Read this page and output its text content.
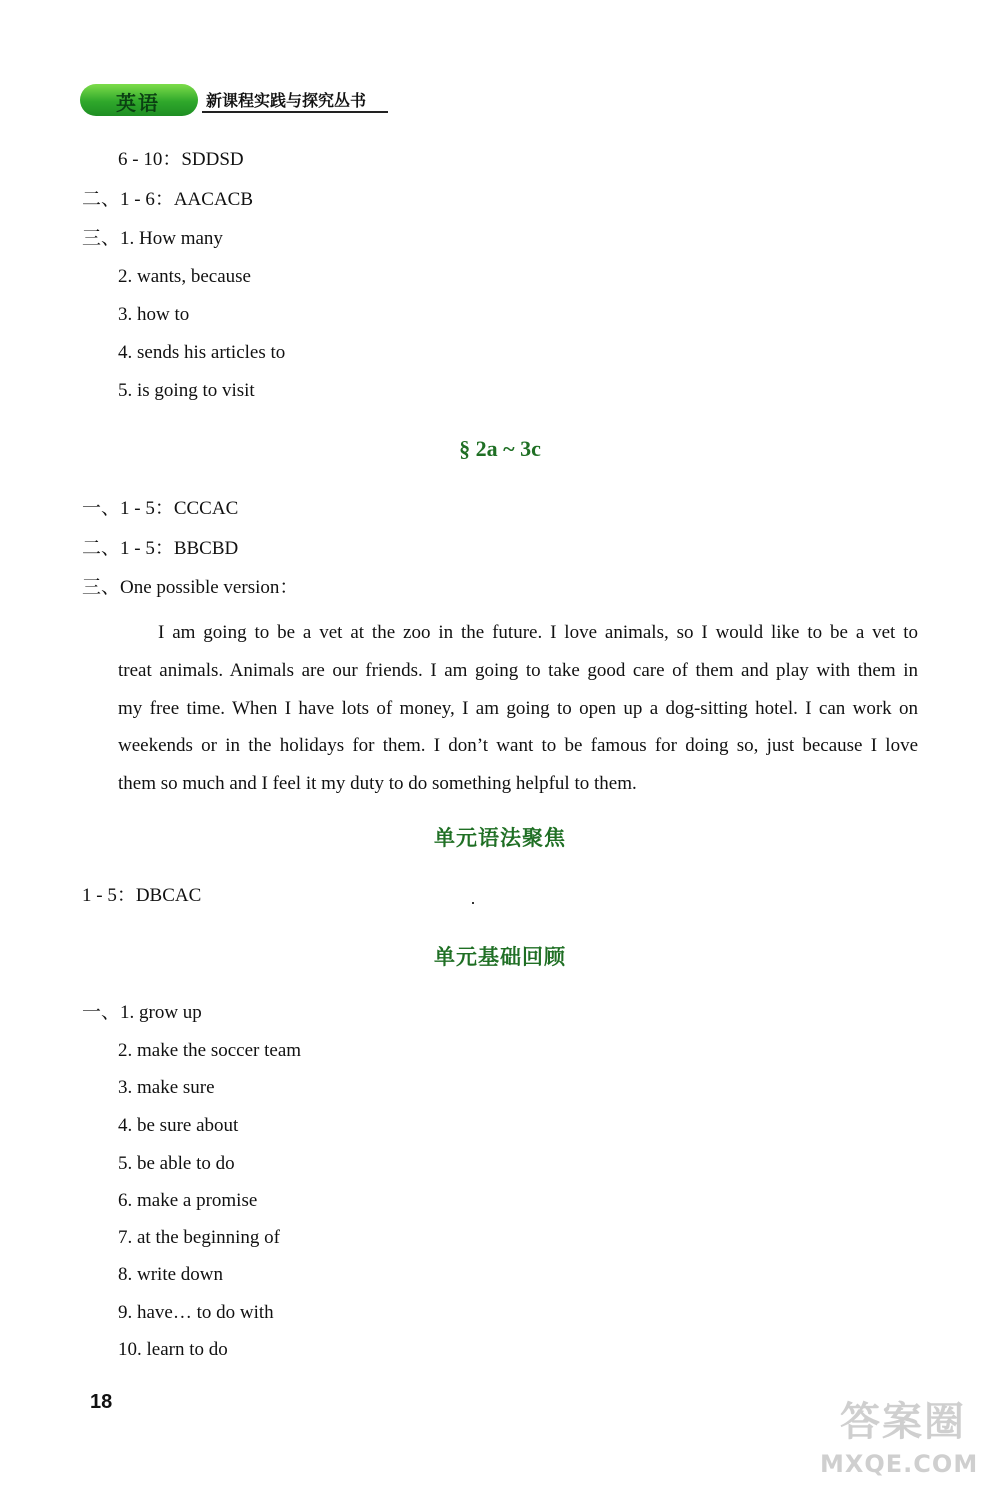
英语	新课程实践与探究丛书
6 - 10：SDDSD
二、1 - 6：AACACB
三、1. How many
2. wants, because
3. how to
4. sends his articles to
5. is going to visit
§ 2a ~ 3c
一、1 - 5：CCCAC
二、1 - 5：BBCBD
三、One possible version：
I am going to be a vet at the zoo in the future. I love animals, so I would like to be a vet to
treat animals. Animals are our friends. I am going to take good care of them and play with them in
my free time. When I have lots of money, I am going to open up a dog-sitting hotel. I can work on
weekends or in the holidays for them. I don’t want to be famous for doing so, just because I love
them so much and I feel it my duty to do something helpful to them.
单元语法聚焦
1 - 5：DBCAC
单元基础回顾
一、1. grow up
2. make the soccer team
3. make sure
4. be sure about
5. be able to do
6. make a promise
7. at the beginning of
8. write down
9. have… to do with
10. learn to do
18	答案圈
MXQE.COM
